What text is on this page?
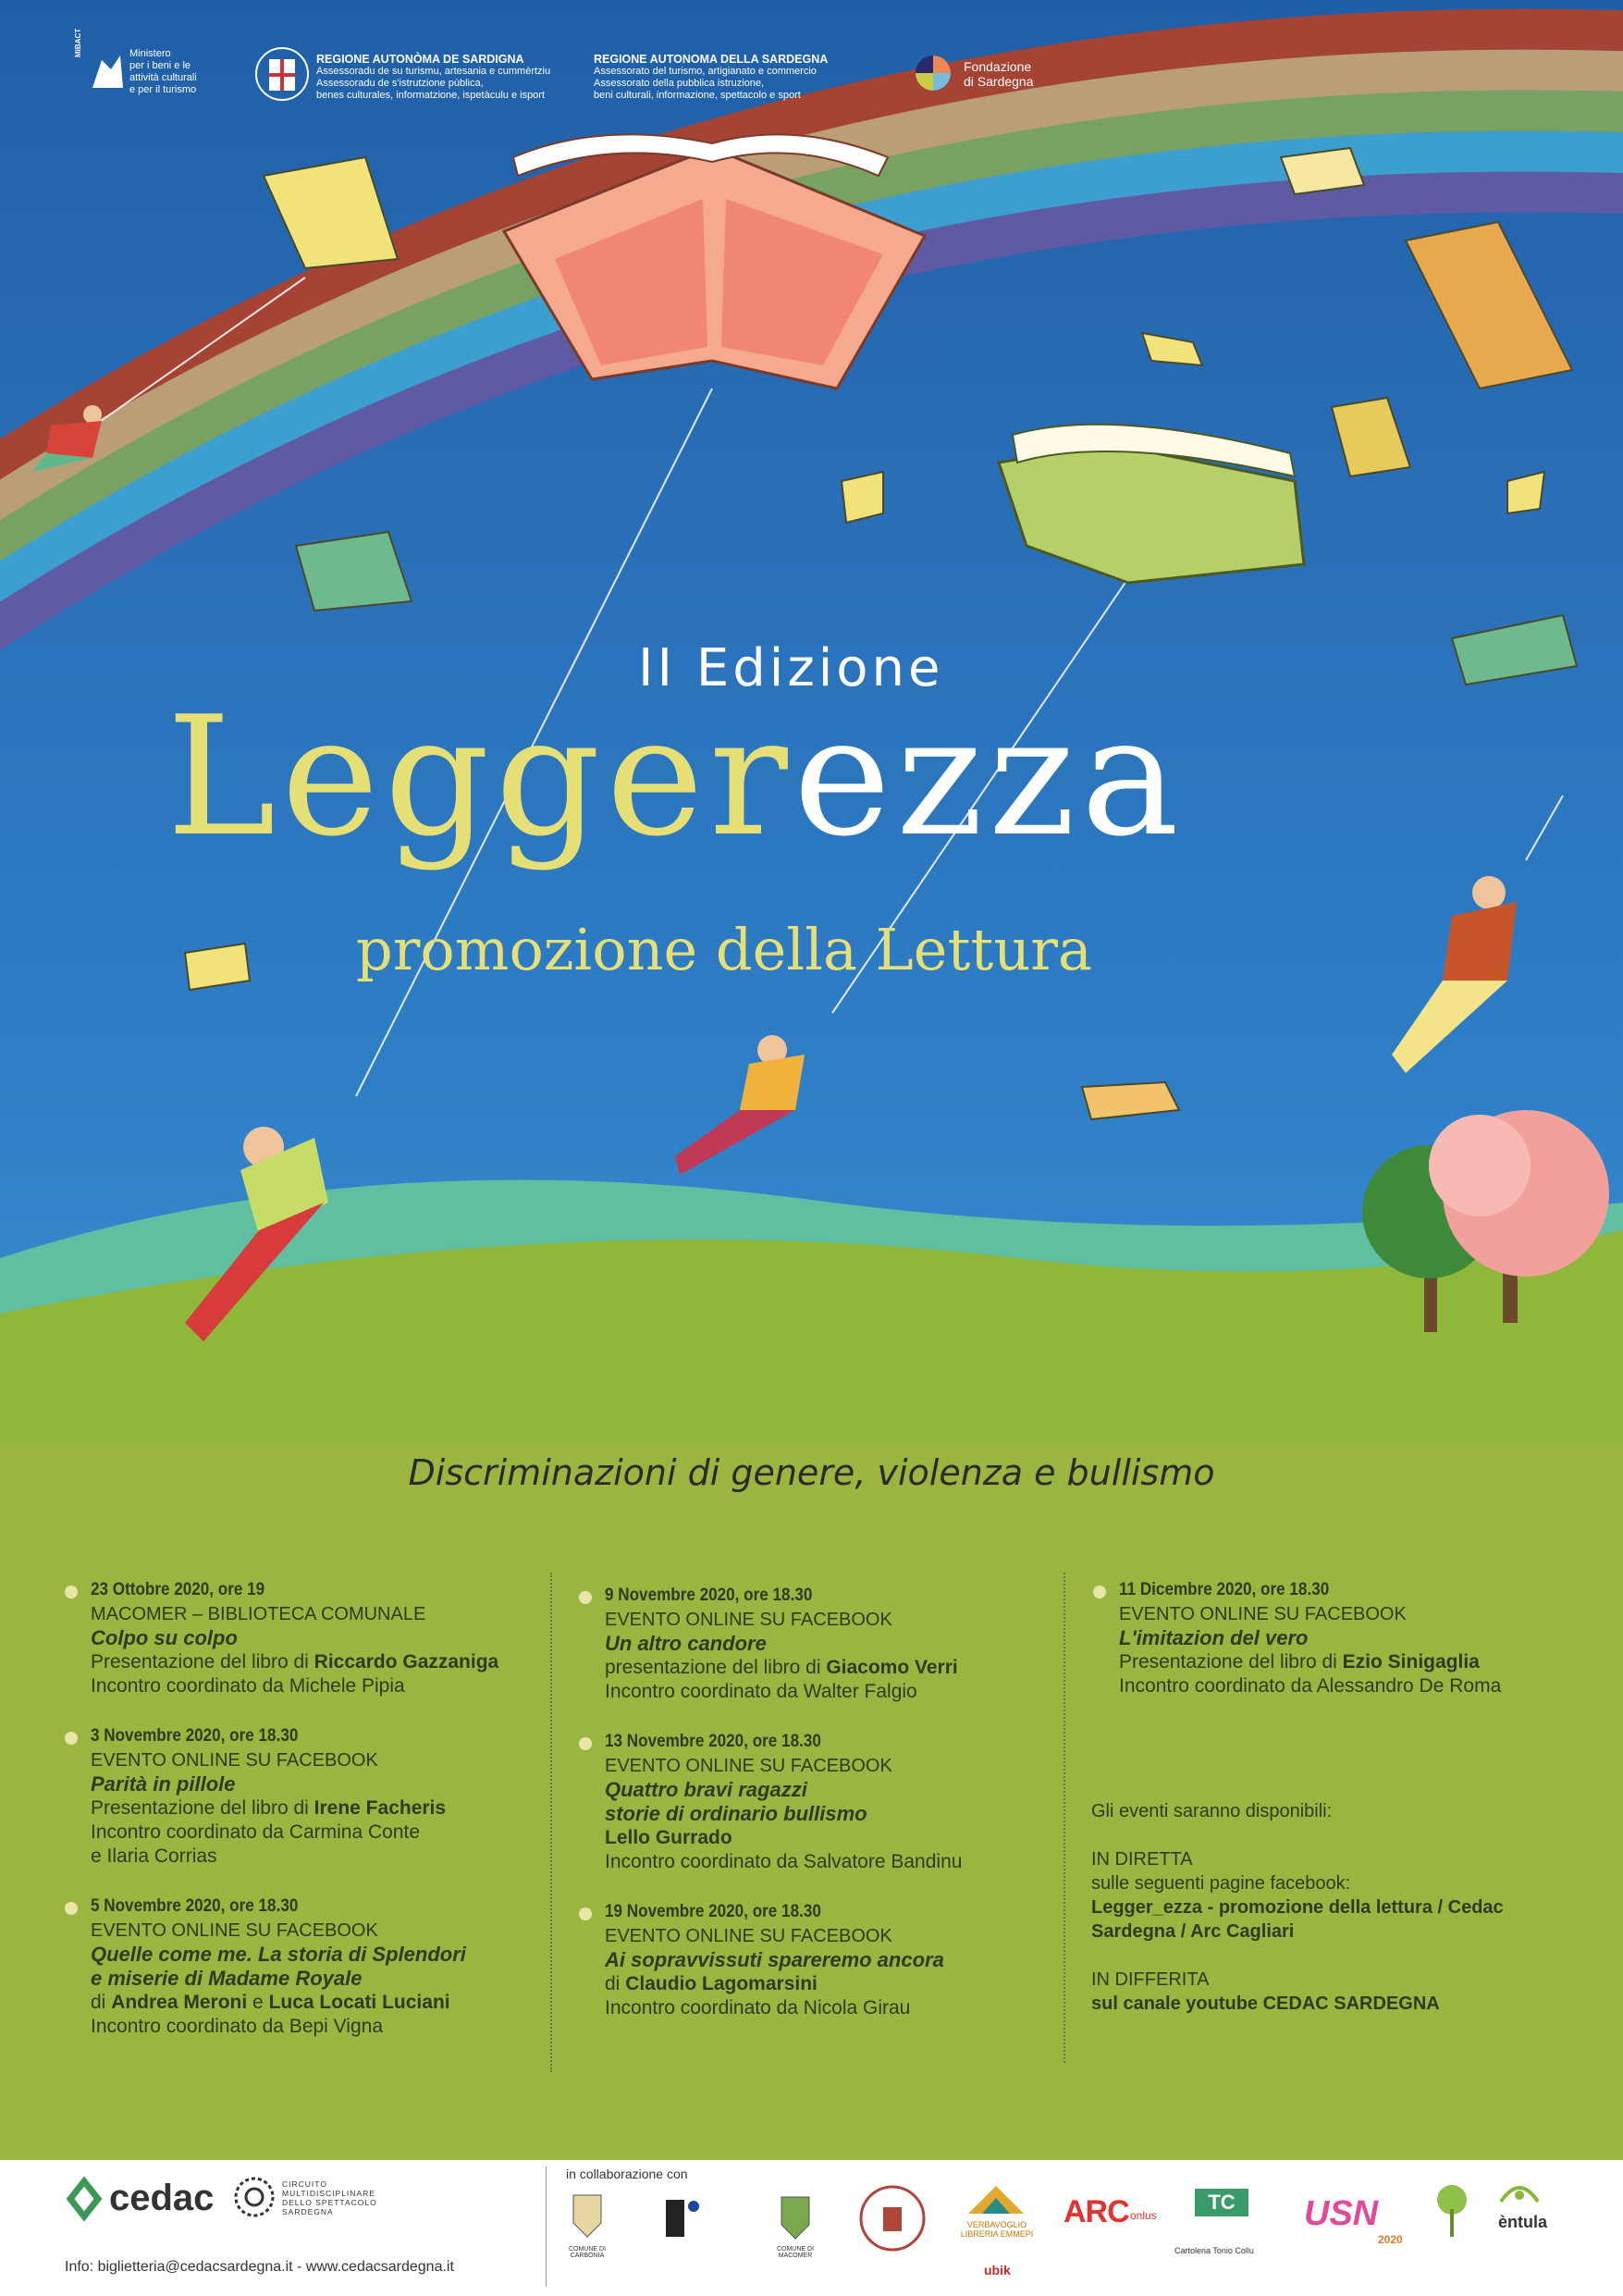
MiBACT	Ministero
per i beni e le
attività culturali
e per il turismo
REGIONE AUTONÒMA DE SARDIGNA
Assessoradu de su turismu, artesania e cummèrtziu
Assessoradu de s'istrutzione pùblica,
benes culturales, informatzione, ispetàculu e isport
REGIONE AUTONOMA DELLA SARDEGNA
Assessorato del turismo, artigianato e commercio
Assessorato della pubblica istruzione,
beni culturali, informazione, spettacolo e sport
Fondazione
di Sardegna
II Edizione
Leggerezza
promozione della Lettura
Discriminazioni di genere, violenza e bullismo
23 Ottobre 2020, ore 19
MACOMER – BIBLIOTECA COMUNALE
Colpo su colpo
Presentazione del libro di Riccardo Gazzaniga
Incontro coordinato da Michele Pipia
3 Novembre 2020, ore 18.30
EVENTO ONLINE SU FACEBOOK
Parità in pillole
Presentazione del libro di Irene Facheris
Incontro coordinato da Carmina Conte
e Ilaria Corrias
5 Novembre 2020, ore 18.30
EVENTO ONLINE SU FACEBOOK
Quelle come me. La storia di Splendori
e miserie di Madame Royale
di Andrea Meroni e Luca Locati Luciani
Incontro coordinato da Bepi Vigna
9 Novembre 2020, ore 18.30
EVENTO ONLINE SU FACEBOOK
Un altro candore
presentazione del libro di Giacomo Verri
Incontro coordinato da Walter Falgio
13 Novembre 2020, ore 18.30
EVENTO ONLINE SU FACEBOOK
Quattro bravi ragazzi
storie di ordinario bullismo
Lello Gurrado
Incontro coordinato da Salvatore Bandinu
19 Novembre 2020, ore 18.30
EVENTO ONLINE SU FACEBOOK
Ai sopravvissuti spareremo ancora
di Claudio Lagomarsini
Incontro coordinato da Nicola Girau
11 Dicembre 2020, ore 18.30
EVENTO ONLINE SU FACEBOOK
L'imitazion del vero
Presentazione del libro di Ezio Sinigaglia
Incontro coordinato da Alessandro De Roma
Gli eventi saranno disponibili:
IN DIRETTA
sulle seguenti pagine facebook:
Legger_ezza - promozione della lettura / Cedac
Sardegna / Arc Cagliari
IN DIFFERITA
sul canale youtube CEDAC SARDEGNA
cedac	CIRCUITO
MULTIDISCIPLINARE
DELLO SPETTACOLO
SARDEGNA
Info: biglietteria@cedacsardegna.it - www.cedacsardegna.it
in collaborazione con
COMUNE DI CARBONIA
COMUNE DI MACOMER
VERBAVOGLIO
LIBRERIA EMMEPI
ubik
ARC onlus
TC
Cartoleria Tonio Collu
USN
2020
èntula
